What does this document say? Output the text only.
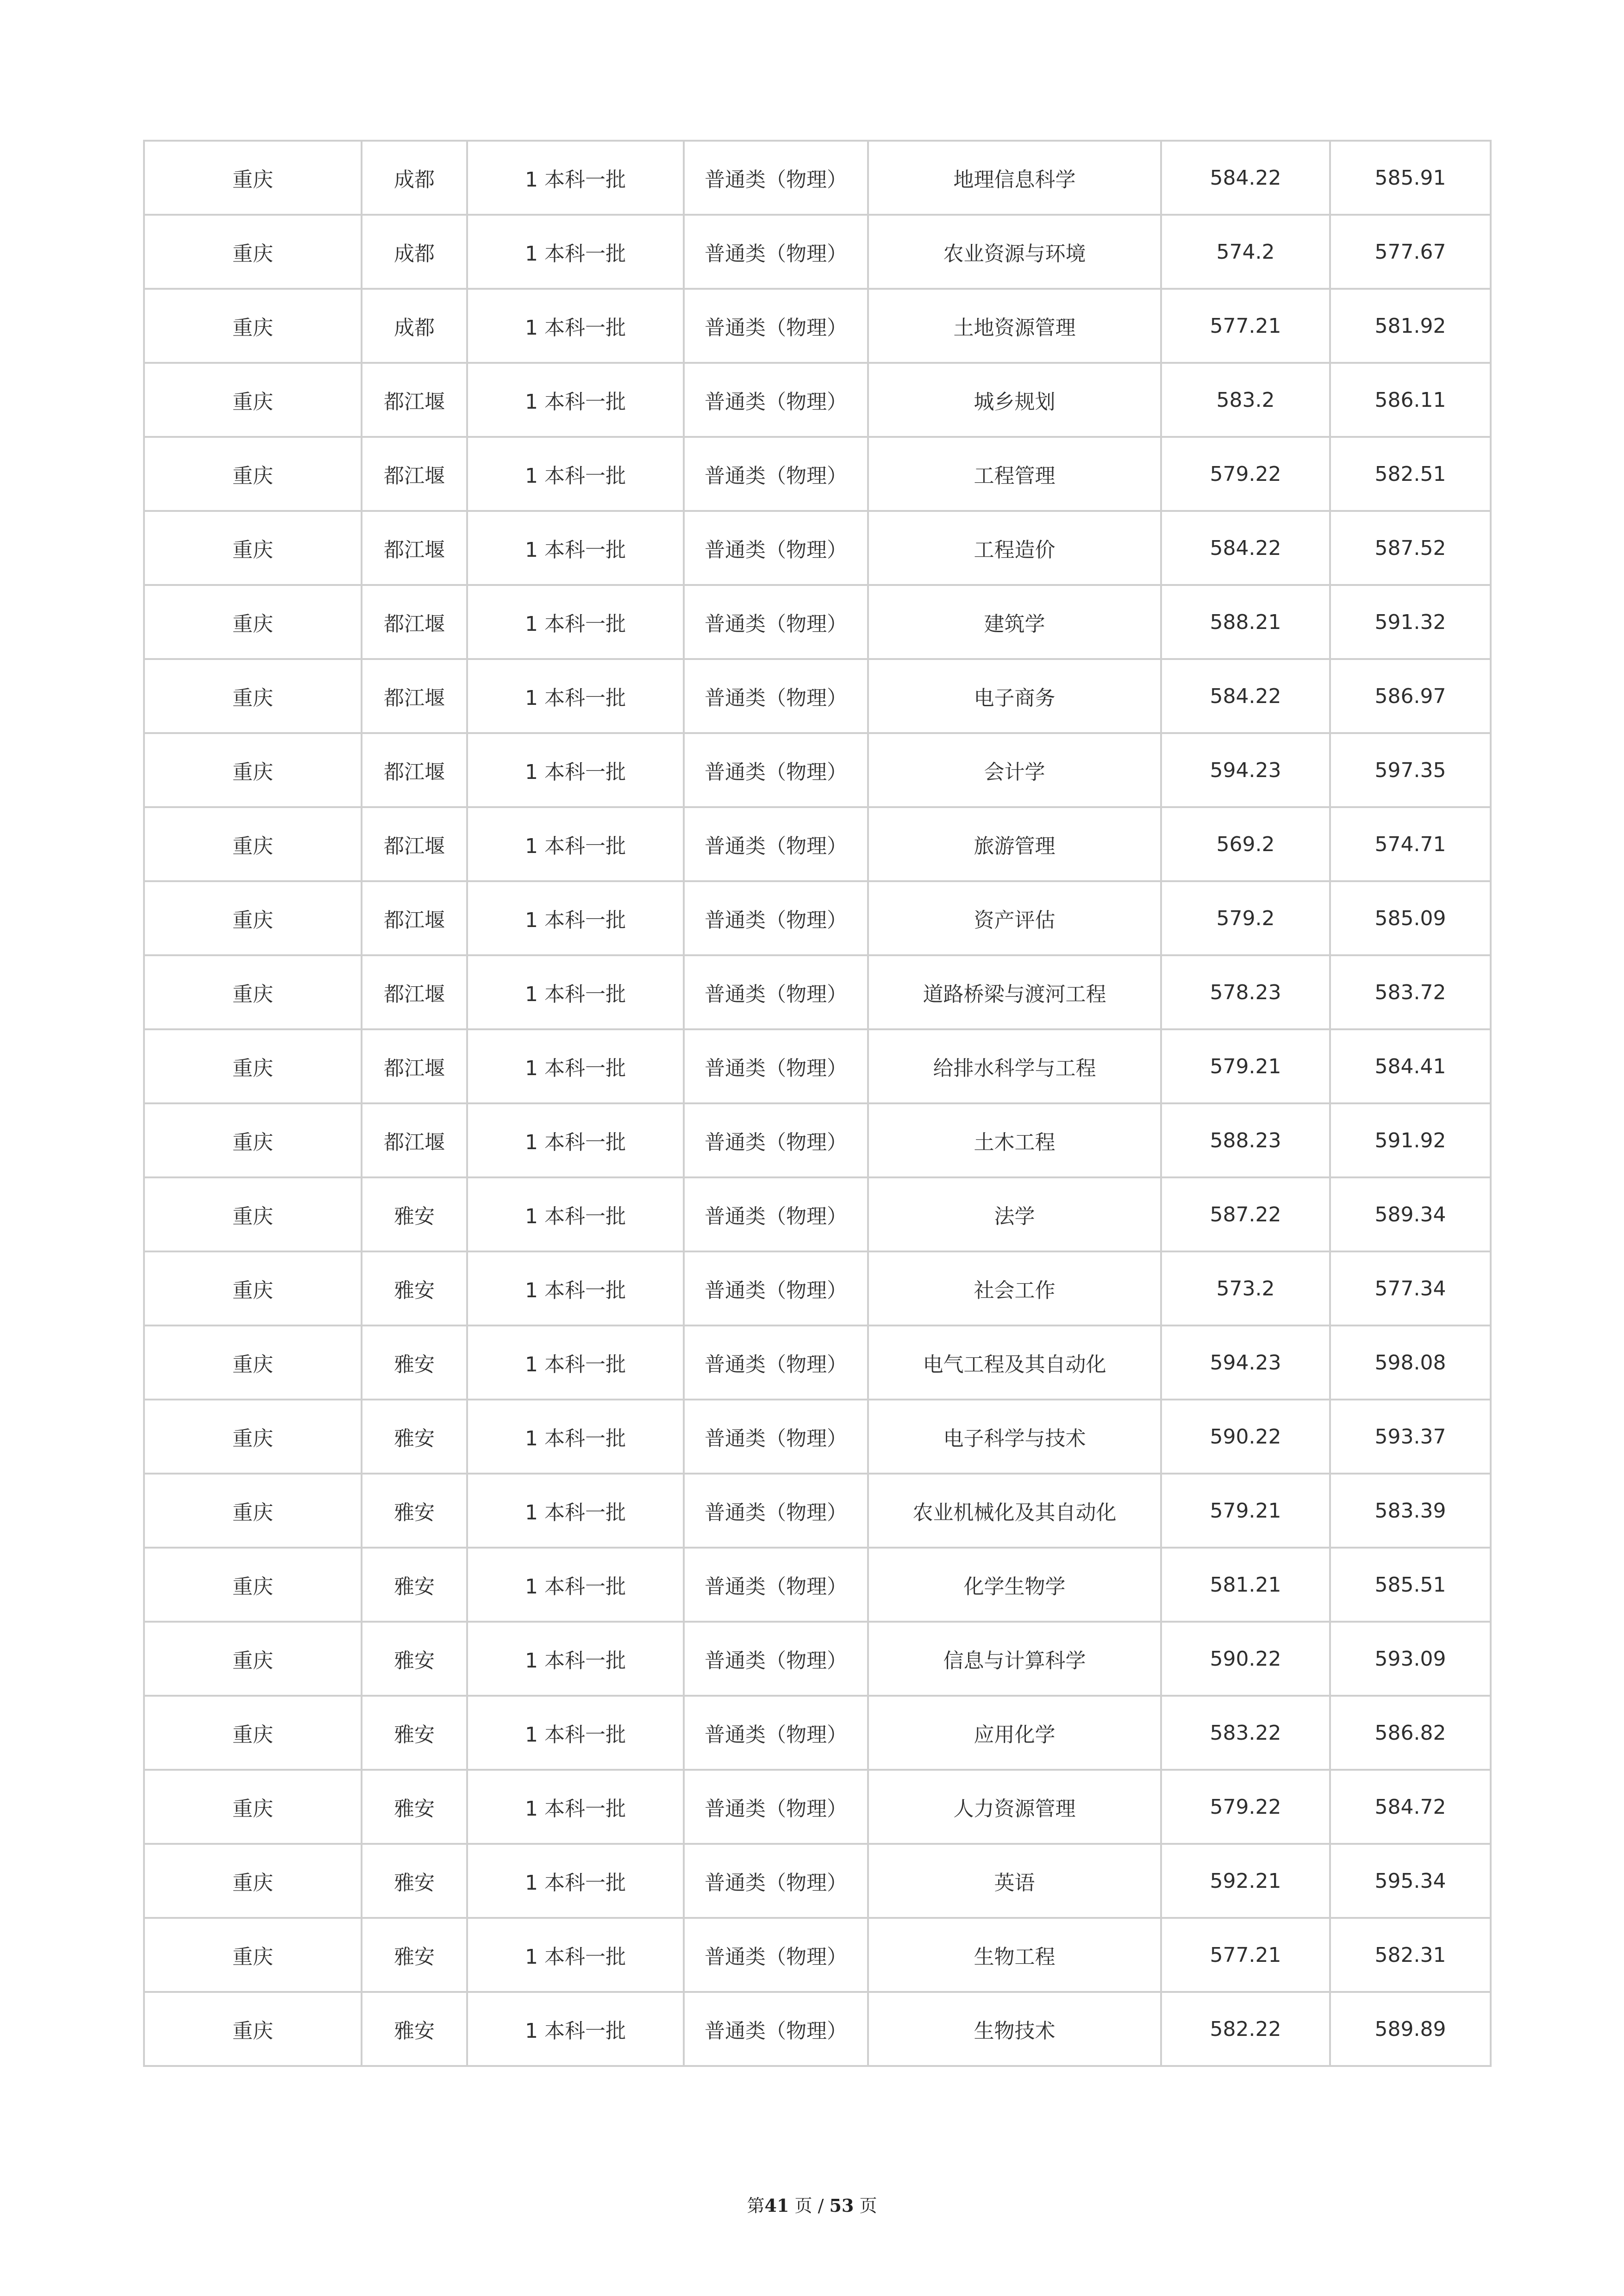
重庆	成都	1 本科一批	普通类（物理）	地理信息科学	584.22	585.91
重庆	成都	1 本科一批	普通类（物理）	农业资源与环境	574.2	577.67
重庆	成都	1 本科一批	普通类（物理）	土地资源管理	577.21	581.92
重庆	都江堰	1 本科一批	普通类（物理）	城乡规划	583.2	586.11
重庆	都江堰	1 本科一批	普通类（物理）	工程管理	579.22	582.51
重庆	都江堰	1 本科一批	普通类（物理）	工程造价	584.22	587.52
重庆	都江堰	1 本科一批	普通类（物理）	建筑学	588.21	591.32
重庆	都江堰	1 本科一批	普通类（物理）	电子商务	584.22	586.97
重庆	都江堰	1 本科一批	普通类（物理）	会计学	594.23	597.35
重庆	都江堰	1 本科一批	普通类（物理）	旅游管理	569.2	574.71
重庆	都江堰	1 本科一批	普通类（物理）	资产评估	579.2	585.09
重庆	都江堰	1 本科一批	普通类（物理）	道路桥梁与渡河工程	578.23	583.72
重庆	都江堰	1 本科一批	普通类（物理）	给排水科学与工程	579.21	584.41
重庆	都江堰	1 本科一批	普通类（物理）	土木工程	588.23	591.92
重庆	雅安	1 本科一批	普通类（物理）	法学	587.22	589.34
重庆	雅安	1 本科一批	普通类（物理）	社会工作	573.2	577.34
重庆	雅安	1 本科一批	普通类（物理）	电气工程及其自动化	594.23	598.08
重庆	雅安	1 本科一批	普通类（物理）	电子科学与技术	590.22	593.37
重庆	雅安	1 本科一批	普通类（物理）	农业机械化及其自动化	579.21	583.39
重庆	雅安	1 本科一批	普通类（物理）	化学生物学	581.21	585.51
重庆	雅安	1 本科一批	普通类（物理）	信息与计算科学	590.22	593.09
重庆	雅安	1 本科一批	普通类（物理）	应用化学	583.22	586.82
重庆	雅安	1 本科一批	普通类（物理）	人力资源管理	579.22	584.72
重庆	雅安	1 本科一批	普通类（物理）	英语	592.21	595.34
重庆	雅安	1 本科一批	普通类（物理）	生物工程	577.21	582.31
重庆	雅安	1 本科一批	普通类（物理）	生物技术	582.22	589.89
第41 页 / 53 页
